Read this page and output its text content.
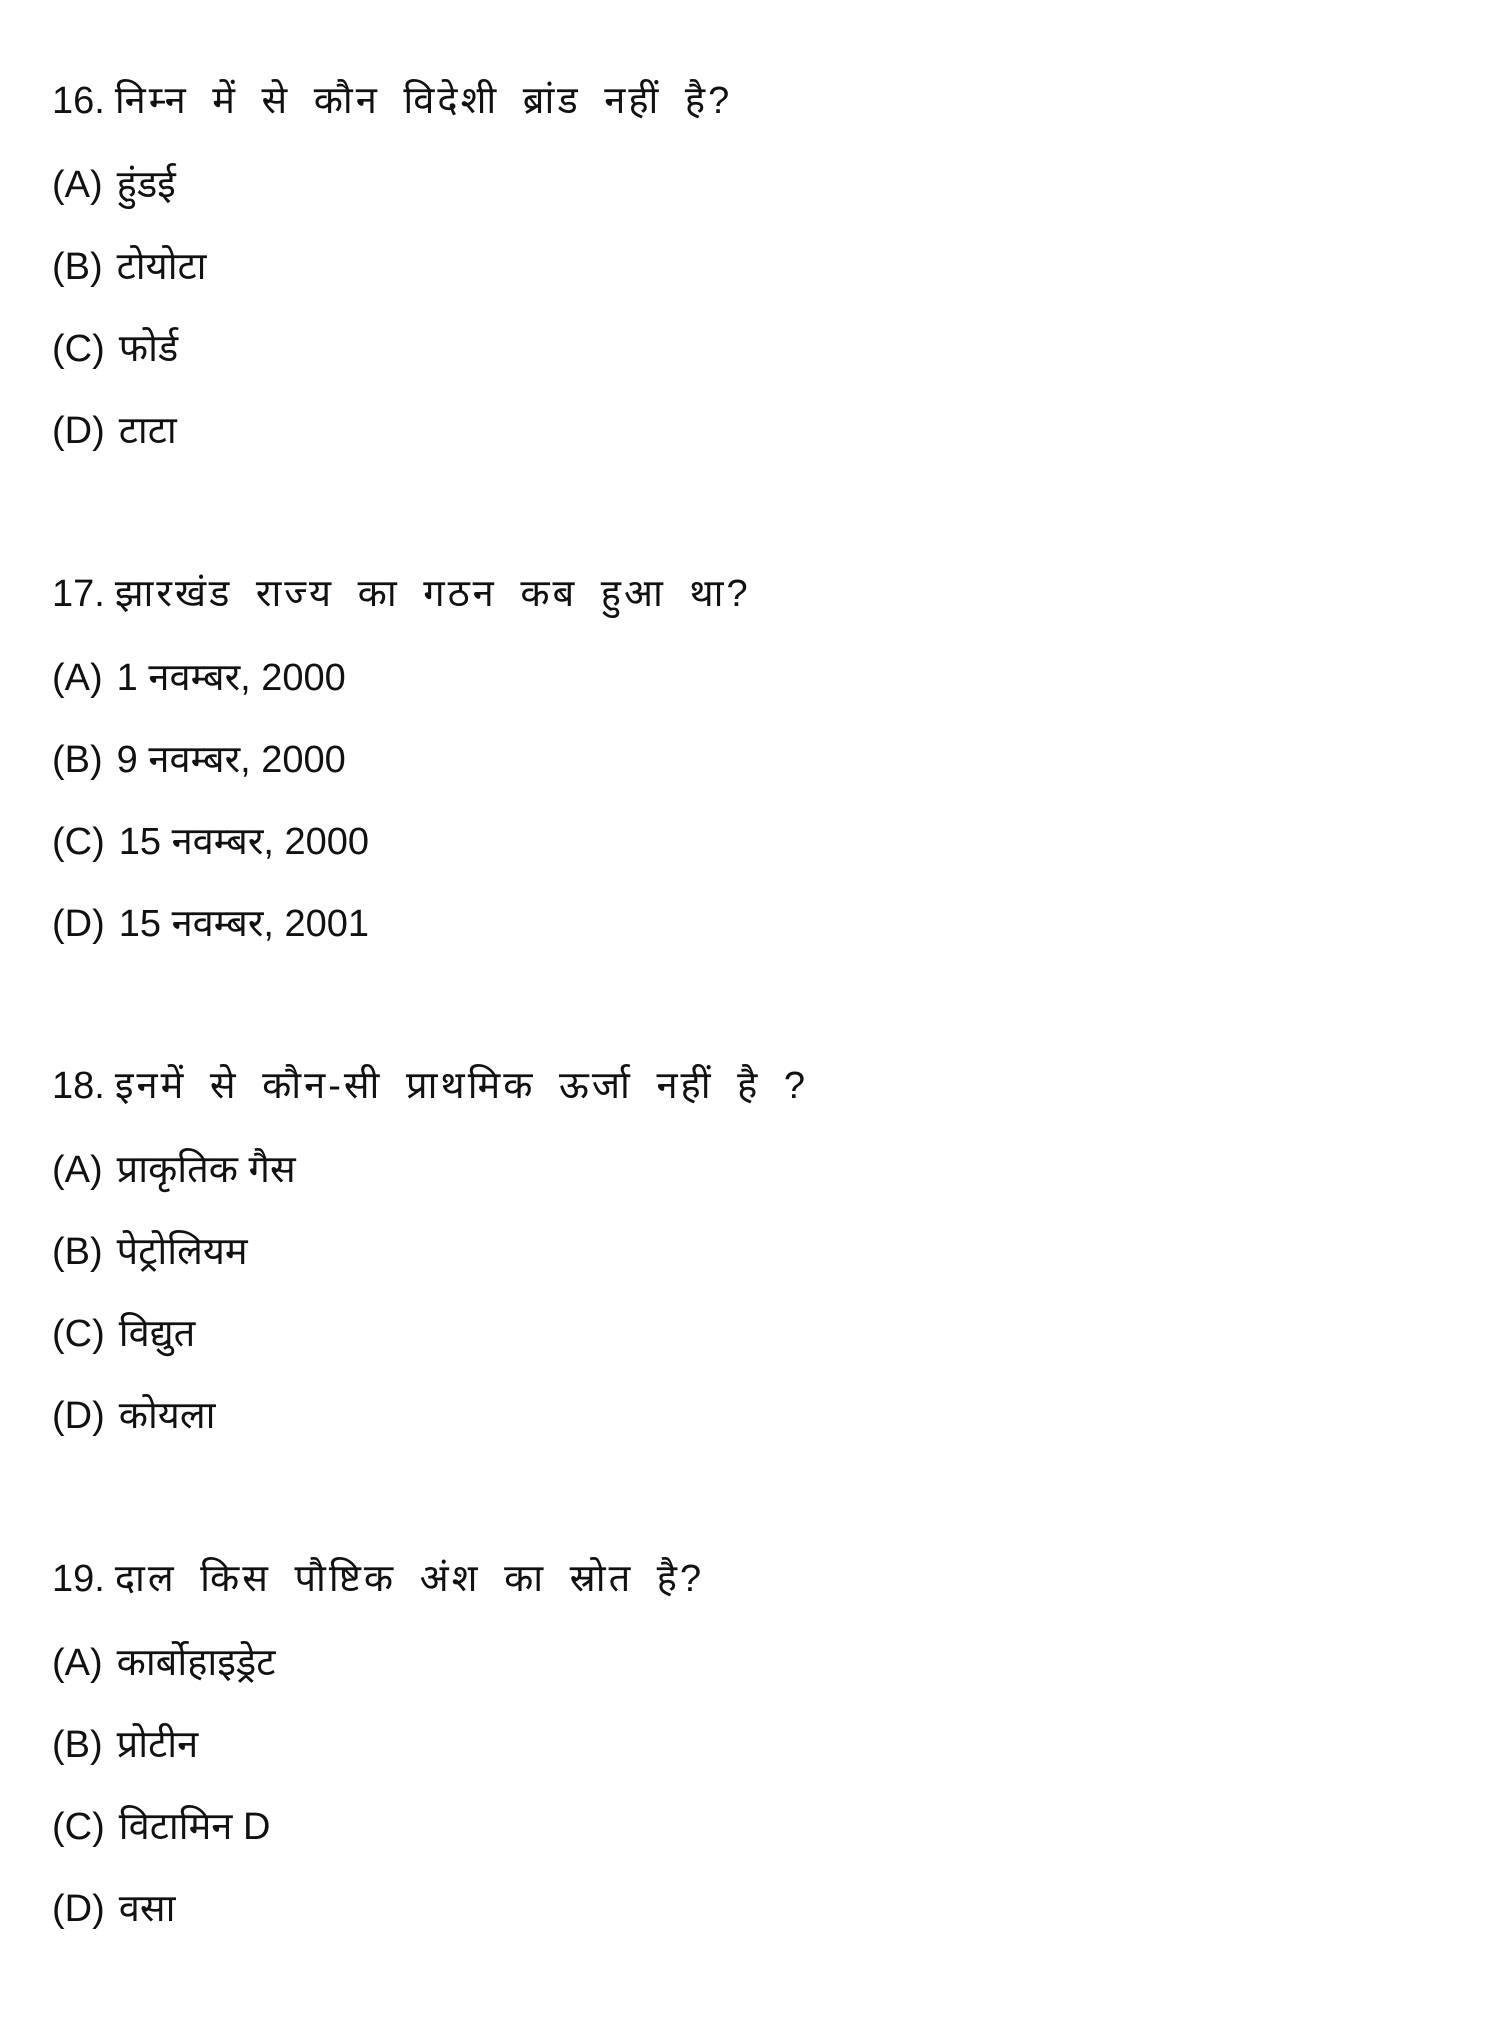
16. निम्न में से कौन विदेशी ब्रांड नहीं है?
(A) हुंडई
(B) टोयोटा
(C) फोर्ड
(D) टाटा
17. झारखंड राज्य का गठन कब हुआ था?
(A) 1 नवम्बर, 2000
(B) 9 नवम्बर, 2000
(C) 15 नवम्बर, 2000
(D) 15 नवम्बर, 2001
18. इनमें से कौन-सी प्राथमिक ऊर्जा नहीं है ?
(A) प्राकृतिक गैस
(B) पेट्रोलियम
(C) विद्युत
(D) कोयला
19. दाल किस पौष्टिक अंश का स्रोत है?
(A) कार्बोहाइड्रेट
(B) प्रोटीन
(C) विटामिन D
(D) वसा
